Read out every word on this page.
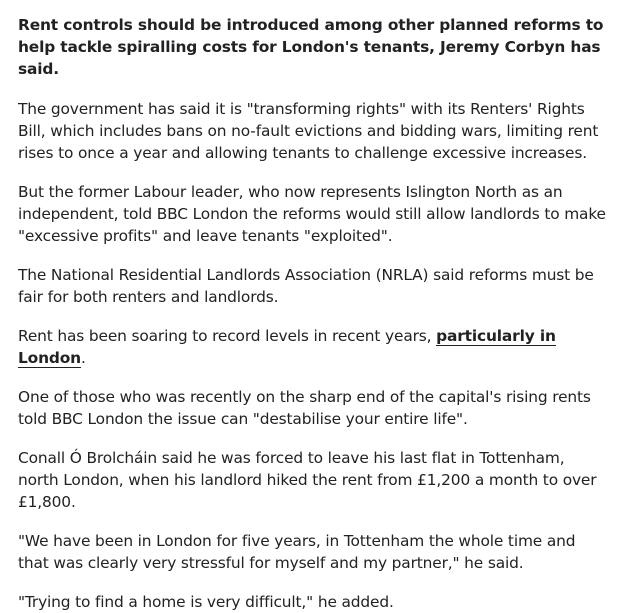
Rent controls should be introduced among other planned reforms to help tackle spiralling costs for London's tenants, Jeremy Corbyn has said.

The government has said it is "transforming rights" with its Renters' Rights Bill, which includes bans on no-fault evictions and bidding wars, limiting rent rises to once a year and allowing tenants to challenge excessive increases.

But the former Labour leader, who now represents Islington North as an independent, told BBC London the reforms would still allow landlords to make "excessive profits" and leave tenants "exploited".

The National Residential Landlords Association (NRLA) said reforms must be fair for both renters and landlords.

Rent has been soaring to record levels in recent years, particularly in London.

One of those who was recently on the sharp end of the capital's rising rents told BBC London the issue can "destabilise your entire life".

Conall Ó Brolcháin said he was forced to leave his last flat in Tottenham, north London, when his landlord hiked the rent from £1,200 a month to over £1,800.

"We have been in London for five years, in Tottenham the whole time and that was clearly very stressful for myself and my partner," he said.

"Trying to find a home is very difficult," he added.
